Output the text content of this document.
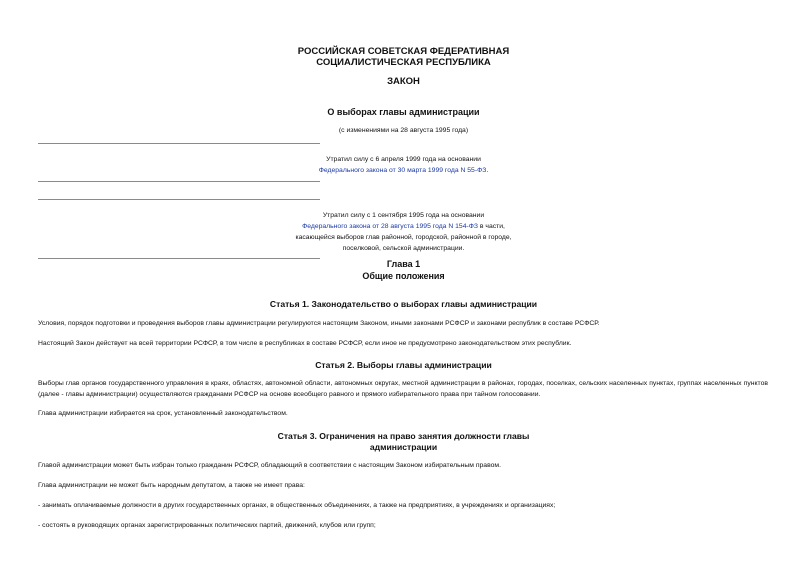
РОССИЙСКАЯ СОВЕТСКАЯ ФЕДЕРАТИВНАЯ
СОЦИАЛИСТИЧЕСКАЯ РЕСПУБЛИКА
ЗАКОН
О выборах главы администрации
(с изменениями на 28 августа 1995 года)
Утратил силу с 6 апреля 1999 года на основании
Федерального закона от 30 марта 1999 года N 55-ФЗ.
Утратил силу с 1 сентября 1995 года на основании
Федерального закона от 28 августа 1995 года N 154-ФЗ в части,
касающейся выборов глав районной, городской, районной в городе,
поселковой, сельской администрации.
Глава 1
Общие положения
Статья 1. Законодательство о выборах главы администрации
Условия, порядок подготовки и проведения выборов главы администрации регулируются настоящим Законом, иными законами РСФСР и законами республик в составе РСФСР.
Настоящий Закон действует на всей территории РСФСР, в том числе в республиках в составе РСФСР, если иное не предусмотрено законодательством этих республик.
Статья 2. Выборы главы администрации
Выборы глав органов государственного управления в краях, областях, автономной области, автономных округах, местной администрации в районах, городах, поселках, сельских населенных пунктах, группах населенных пунктов (далее - главы администрации) осуществляются гражданами РСФСР на основе всеобщего равного и прямого избирательного права при тайном голосовании.
Глава администрации избирается на срок, установленный законодательством.
Статья 3. Ограничения на право занятия должности главы
администрации
Главой администрации может быть избран только гражданин РСФСР, обладающий в соответствии с настоящим Законом избирательным правом.
Глава администрации не может быть народным депутатом, а также не имеет права:
- занимать оплачиваемые должности в других государственных органах, в общественных объединениях, а также на предприятиях, в учреждениях и организациях;
- состоять в руководящих органах зарегистрированных политических партий, движений, клубов или групп;
